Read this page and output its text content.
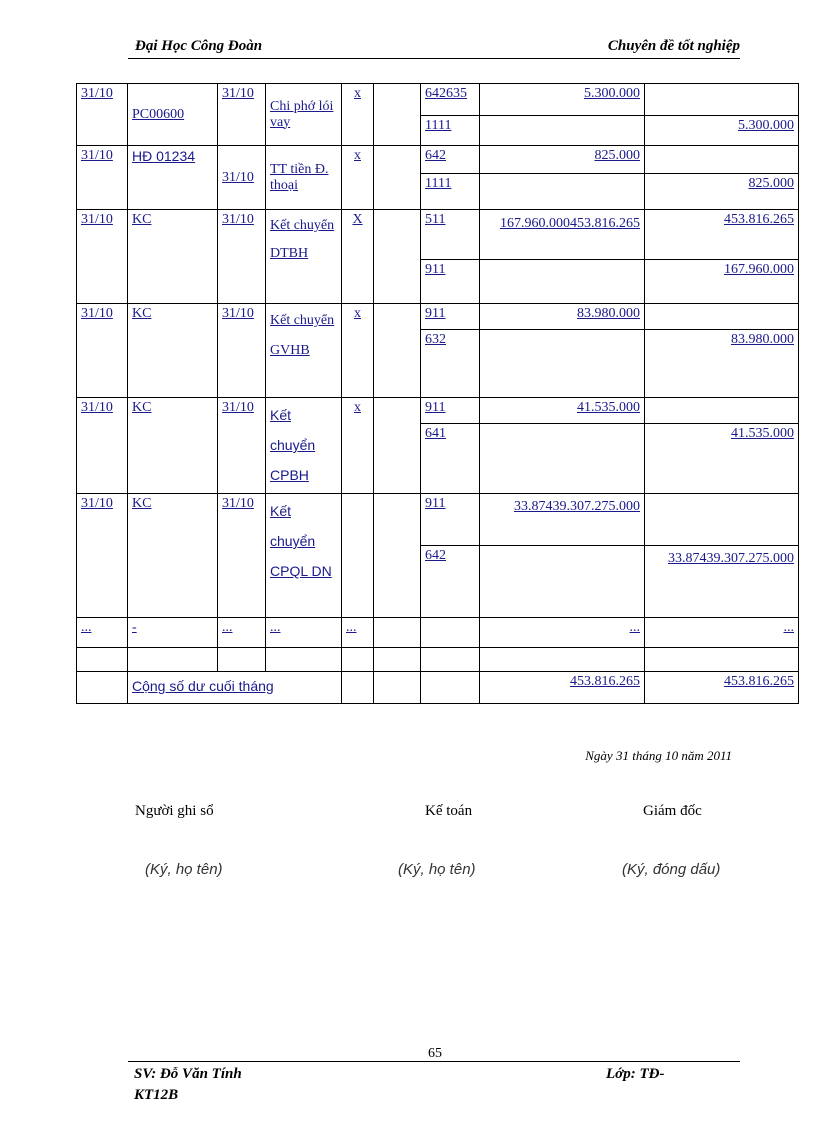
Đại Học Công Đoàn	Chuyên đề tốt nghiệp
31/10	PC00600	31/10	Chi phớ lói vay	x		642635	5.300.000	
						1111		5.300.000
31/10	HĐ 01234	31/10	TT tiền Đ. thoại	x		642	825.000	
						1111		825.000
31/10	KC	31/10	Kết chuyển DTBH	X		511	167.960.000453.816.265	453.816.265
						911		167.960.000
31/10	KC	31/10	Kết chuyển GVHB	x		911	83.980.000	
						632		83.980.000
31/10	KC	31/10	Kết chuyển CPBH	x		911	41.535.000	
						641		41.535.000
31/10	KC	31/10	Kết chuyển CPQL DN			911	33.87439.307.275.000	
						642		33.87439.307.275.000
...	-	...	...	...			...	...

	Cộng số dư cuối tháng						453.816.265	453.816.265
Ngày 31 tháng 10 năm 2011
Người ghi sổ	Kế toán	Giám đốc
(Ký, họ tên)	(Ký, họ tên)	(Ký, đóng dấu)
65
SV: Đỗ Văn Tính
KT12B
Lớp: TĐ-
